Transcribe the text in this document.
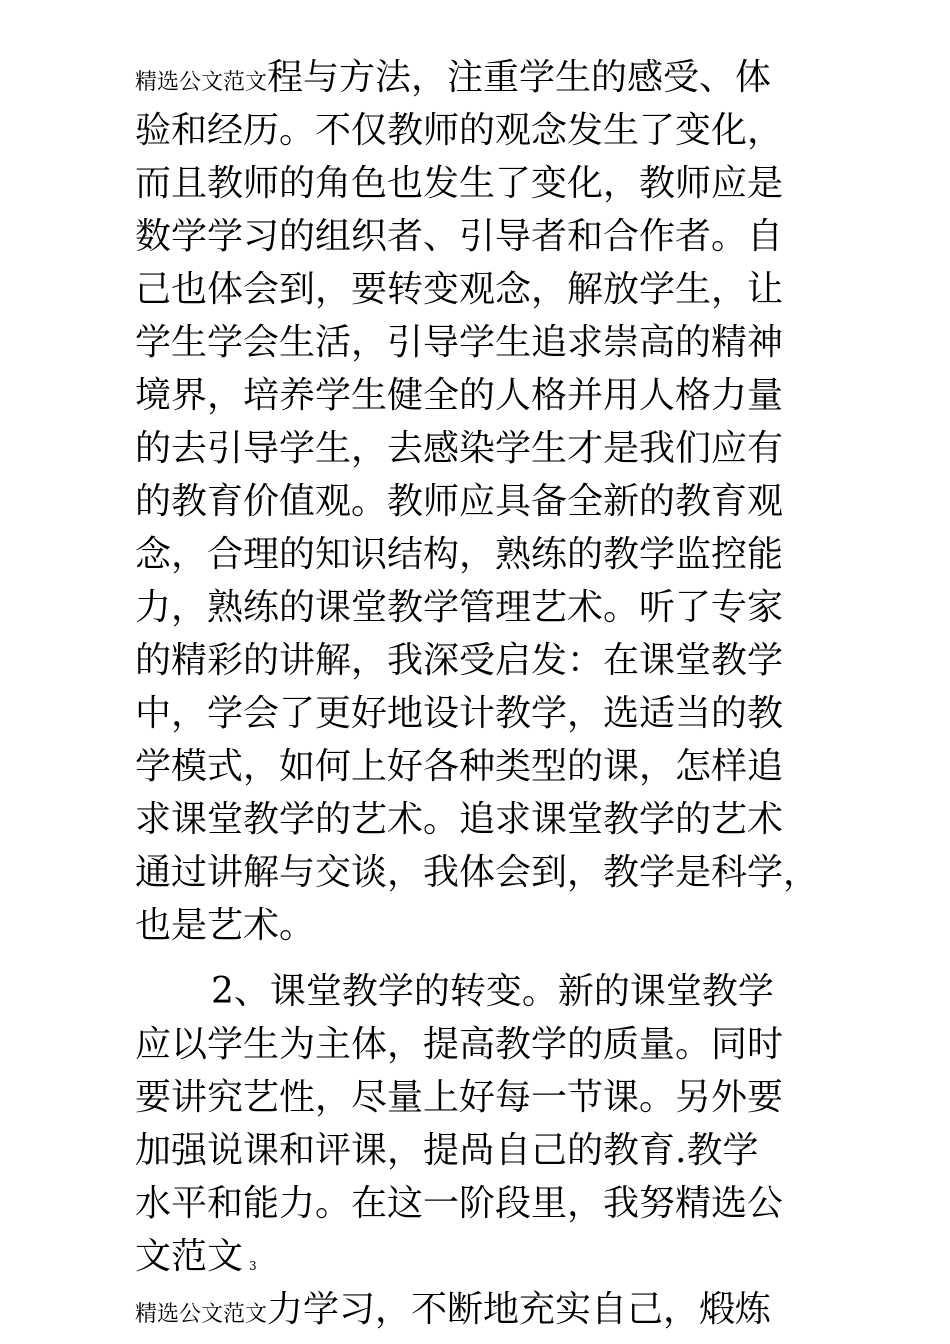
精选公文范文程与方法，注重学生的感受、体
验和经历。不仅教师的观念发生了变化，
而且教师的角色也发生了变化，教师应是
数学学习的组织者、引导者和合作者。自
己也体会到，要转变观念，解放学生，让
学生学会生活，引导学生追求崇高的精神
境界，培养学生健全的人格并用人格力量
的去引导学生，去感染学生才是我们应有
的教育价值观。教师应具备全新的教育观
念，合理的知识结构，熟练的教学监控能
力，熟练的课堂教学管理艺术。听了专家
的精彩的讲解，我深受启发：在课堂教学
中，学会了更好地设计教学，选适当的教
学模式，如何上好各种类型的课，怎样追
求课堂教学的艺术。追求课堂教学的艺术
通过讲解与交谈，我体会到，教学是科学，
也是艺术。
2、课堂教学的转变。新的课堂教学
应以学生为主体，提高教学的质量。同时
要讲究艺性，尽量上好每一节课。另外要
加强说课和评课，提咼自己的教育.教学
水平和能力。在这一阶段里，我努精选公
文范文 3
精选公文范文力学习，不断地充实自己，煅炼
